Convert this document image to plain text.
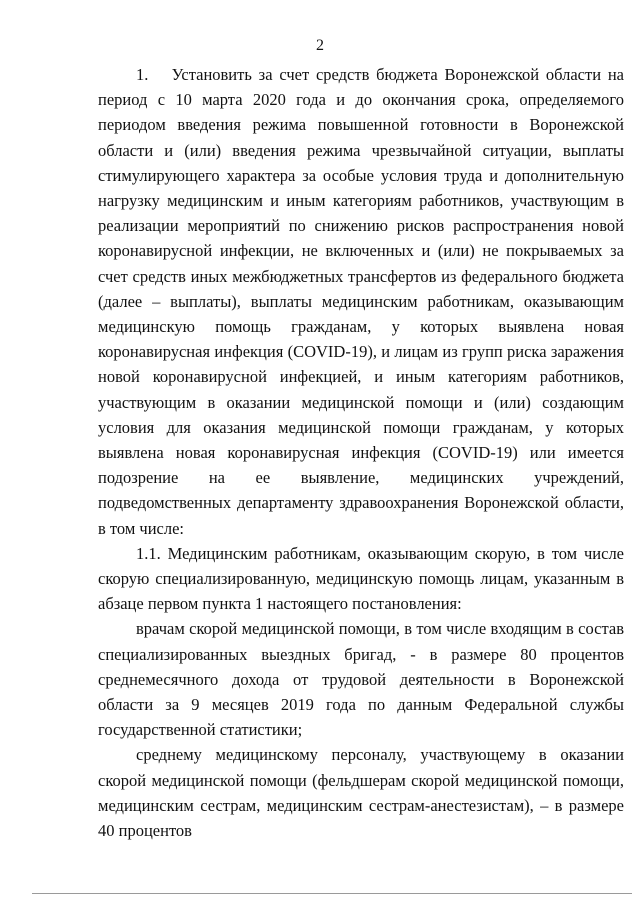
2

1.  Установить за счет средств бюджета Воронежской области на период с 10 марта 2020 года и до окончания срока, определяемого периодом введения режима повышенной готовности в Воронежской области и (или) введения режима чрезвычайной ситуации, выплаты стимулирующего характера за особые условия труда и дополнительную нагрузку медицинским и иным категориям работников, участвующим в реализации мероприятий по снижению рисков распространения новой коронавирусной инфекции, не включенных и (или) не покрываемых за счет средств иных межбюджетных трансфертов из федерального бюджета (далее – выплаты), выплаты медицинским работникам, оказывающим медицинскую помощь гражданам, у которых выявлена новая коронавирусная инфекция (COVID-19), и лицам из групп риска заражения новой коронавирусной инфекцией, и иным категориям работников, участвующим в оказании медицинской помощи и (или) создающим условия для оказания медицинской помощи гражданам, у которых выявлена новая коронавирусная инфекция (COVID-19) или имеется подозрение на ее выявление, медицинских учреждений, подведомственных департаменту здравоохранения Воронежской области, в том числе:

1.1. Медицинским работникам, оказывающим скорую, в том числе скорую специализированную, медицинскую помощь лицам, указанным в абзаце первом пункта 1 настоящего постановления:

врачам скорой медицинской помощи, в том числе входящим в состав специализированных выездных бригад, - в размере 80 процентов среднемесячного дохода от трудовой деятельности в Воронежской области за 9 месяцев 2019 года по данным Федеральной службы государственной статистики;

среднему медицинскому персоналу, участвующему в оказании скорой медицинской помощи (фельдшерам скорой медицинской помощи, медицинским сестрам, медицинским сестрам-анестезистам), – в размере 40 процентов
